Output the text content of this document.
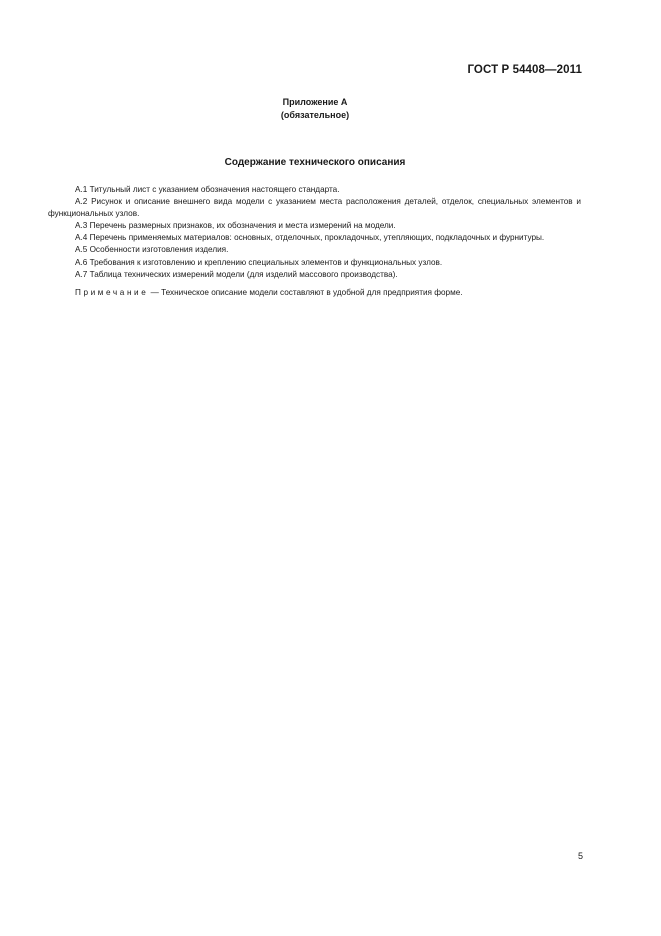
ГОСТ Р 54408—2011
Приложение А
(обязательное)
Содержание технического описания

А.1 Титульный лист с указанием обозначения настоящего стандарта.

А.2 Рисунок и описание внешнего вида модели с указанием места расположения деталей, отделок, специальных элементов и функциональных узлов.

А.3 Перечень размерных признаков, их обозначения и места измерений на модели.

А.4 Перечень применяемых материалов: основных, отделочных, прокладочных, утепляющих, подкладочных и фурнитуры.

А.5 Особенности изготовления изделия.

А.6 Требования к изготовлению и креплению специальных элементов и функциональных узлов.

А.7 Таблица технических измерений модели (для изделий массового производства).

Примечание — Техническое описание модели составляют в удобной для предприятия форме.

5
